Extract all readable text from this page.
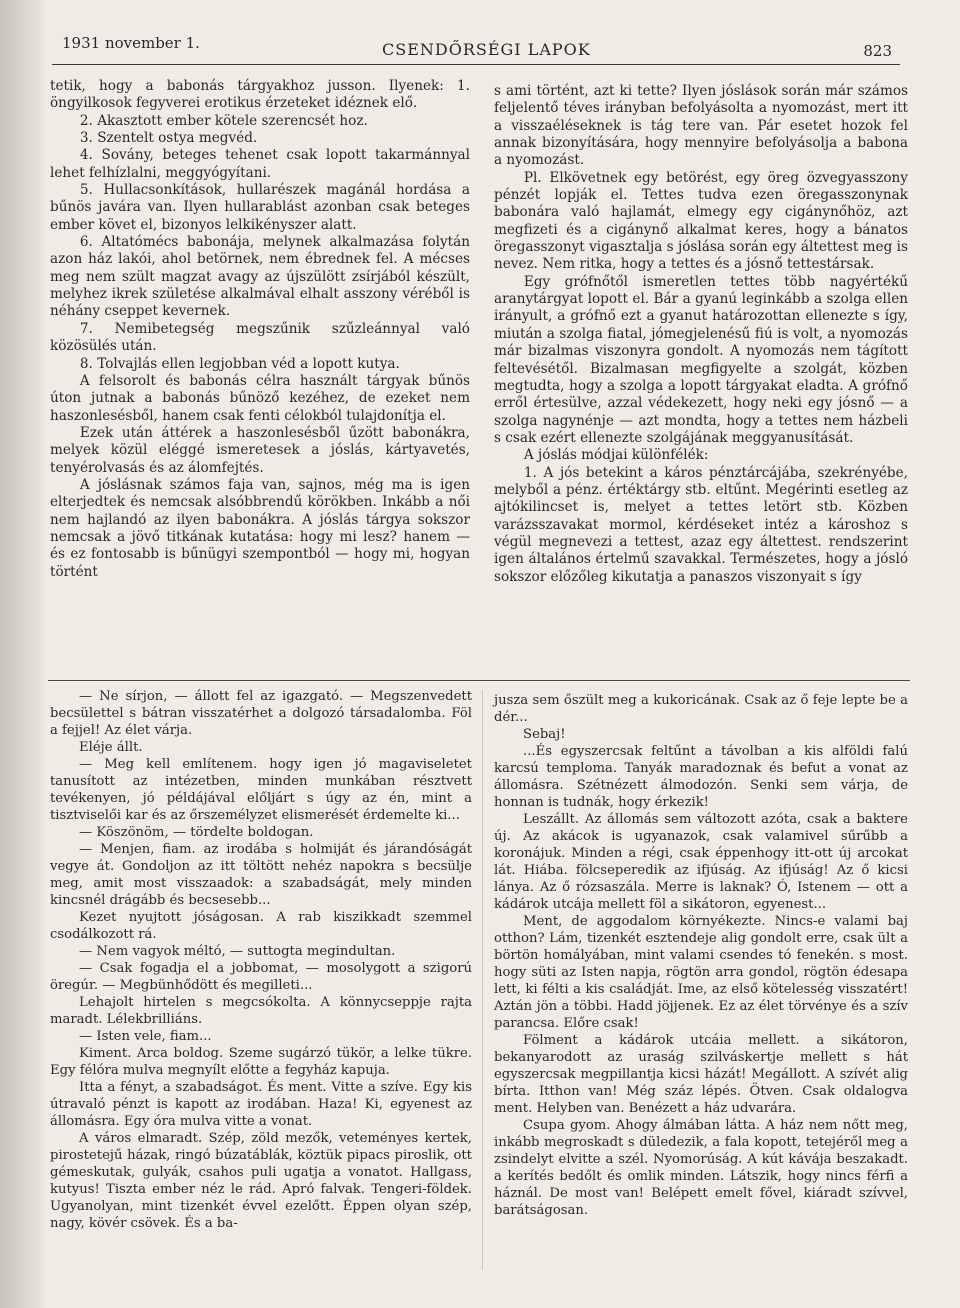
1931 november 1.	CSENDŐRSÉGI LAPOK	823

tetik, hogy a babonás tárgyakhoz jusson. Ilyenek: 1. öngyilkosok fegyverei erotikus érzeteket idéznek elő.

2. Akasztott ember kötele szerencsét hoz.

3. Szentelt ostya megvéd.

4. Sovány, beteges tehenet csak lopott takarmánnyal lehet felhízlalni, meggyógyítani.

5. Hullacsonkítások, hullarészek magánál hordása a bűnös javára van. Ilyen hullarablást azonban csak beteges ember követ el, bizonyos lelkikényszer alatt.

6. Altatómécs babonája, melynek alkalmazása folytán azon ház lakói, ahol betörnek, nem ébrednek fel. A mécses meg nem szült magzat avagy az újszülött zsírjából készült, melyhez ikrek születése alkalmával elhalt asszony véréből is néhány cseppet kevernek.

7. Nemibetegség megszűnik szűzleánnyal való közösülés után.

8. Tolvajlás ellen legjobban véd a lopott kutya.

A felsorolt és babonás célra használt tárgyak bűnös úton jutnak a babonás bűnöző kezéhez, de ezeket nem haszonlesésből, hanem csak fenti célokból tulajdonítja el.

Ezek után áttérek a haszonlesésből űzött babonákra, melyek közül eléggé ismeretesek a jóslás, kártyavetés, tenyérolvasás és az álomfejtés.

A jóslásnak számos faja van, sajnos, még ma is igen elterjedtek és nemcsak alsóbbrendű körökben. Inkább a női nem hajlandó az ilyen babonákra. A jóslás tárgya sokszor nemcsak a jövő titkának kutatása: hogy mi lesz? hanem — és ez fontosabb is bűnügyi szempontból — hogy mi, hogyan történt

s ami történt, azt ki tette? Ilyen jóslások során már számos feljelentő téves irányban befolyásolta a nyomozást, mert itt a visszaéléseknek is tág tere van. Pár esetet hozok fel annak bizonyítására, hogy mennyire befolyásolja a babona a nyomozást.

Pl. Elkövetnek egy betörést, egy öreg özvegyasszony pénzét lopják el. Tettes tudva ezen öregasszonynak babonára való hajlamát, elmegy egy cigánynőhöz, azt megfizeti és a cigánynő alkalmat keres, hogy a bánatos öregasszonyt vigasztalja s jóslása során egy áltettest meg is nevez. Nem ritka, hogy a tettes és a jósnő tettestársak.

Egy grófnőtől ismeretlen tettes több nagyértékű aranytárgyat lopott el. Bár a gyanú leginkább a szolga ellen irányult, a grófnő ezt a gyanut határozottan ellenezte s így, miután a szolga fiatal, jómegjelenésű fiú is volt, a nyomozás már bizalmas viszonyra gondolt. A nyomozás nem tágított feltevésétől. Bizalmasan megfigyelte a szolgát, közben megtudta, hogy a szolga a lopott tárgyakat eladta. A grófnő erről értesülve, azzal védekezett, hogy neki egy jósnő — a szolga nagynénje — azt mondta, hogy a tettes nem házbeli s csak ezért ellenezte szolgájának meggyanusítását.

A jóslás módjai különfélék:

1. A jós betekint a káros pénztárcájába, szekrényébe, melyből a pénz. értéktárgy stb. eltűnt. Megérinti esetleg az ajtókilincset is, melyet a tettes letört stb. Közben varázsszavakat mormol, kérdéseket intéz a károshoz s végül megnevezi a tettest, azaz egy áltettest. rendszerint igen általános értelmű szavakkal. Természetes, hogy a jósló sokszor előzőleg kikutatja a panaszos viszonyait s így

— Ne sírjon, — állott fel az igazgató. — Megszenvedett becsülettel s bátran visszatérhet a dolgozó társadalomba. Föl a fejjel! Az élet várja.

Eléje állt.

— Meg kell említenem. hogy igen jó magaviseletet tanusított az intézetben, minden munkában résztvett tevékenyen, jó példájával előljárt s úgy az én, mint a tisztviselői kar és az őrszemélyzet elismerését érdemelte ki...

— Köszönöm, — tördelte boldogan.

— Menjen, fiam. az irodába s holmiját és járandóságát vegye át. Gondoljon az itt töltött nehéz napokra s becsülje meg, amit most visszaadok: a szabadságát, mely minden kincsnél drágább és becsesebb...

Kezet nyujtott jóságosan. A rab kiszikkadt szemmel csodálkozott rá.

— Nem vagyok méltó, — suttogta megindultan.

— Csak fogadja el a jobbomat, — mosolygott a szigorú öregúr. — Megbünhődött és megilleti...

Lehajolt hirtelen s megcsókolta. A könnycseppje rajta maradt. Lélekbrilliáns.

— Isten vele, fiam...

Kiment. Arca boldog. Szeme sugárzó tükör, a lelke tükre. Egy félóra mulva megnyílt előtte a fegyház kapuja.

Itta a fényt, a szabadságot. És ment. Vitte a szíve. Egy kis útravaló pénzt is kapott az irodában. Haza! Ki, egyenest az állomásra. Egy óra mulva vitte a vonat.

A város elmaradt. Szép, zöld mezők, veteményes kertek, pirostetejű házak, ringó búzatáblák, köztük pipacs piroslik, ott gémeskutak, gulyák, csahos puli ugatja a vonatot. Hallgass, kutyus! Tiszta ember néz le rád. Apró falvak. Tengeri-földek. Ugyanolyan, mint tizenkét évvel ezelőtt. Éppen olyan szép, nagy, kövér csövek. És a ba-

jusza sem őszült meg a kukoricának. Csak az ő feje lepte be a dér...

Sebaj!

...És egyszercsak feltűnt a távolban a kis alföldi falú karcsú temploma. Tanyák maradoznak és befut a vonat az állomásra. Szétnézett álmodozón. Senki sem várja, de honnan is tudnák, hogy érkezik!

Leszállt. Az állomás sem változott azóta, csak a baktere új. Az akácok is ugyanazok, csak valamivel sűrűbb a koronájuk. Minden a régi, csak éppenhogy itt-ott új arcokat lát. Hiába. fölcseperedik az ifjúság. Az ifjúság! Az ő kicsi lánya. Az ő rózsaszála. Merre is laknak? Ó, Istenem — ott a kádárok utcája mellett föl a sikátoron, egyenest...

Ment, de aggodalom környékezte. Nincs-e valami baj otthon? Lám, tizenkét esztendeje alig gondolt erre, csak ült a börtön homályában, mint valami csendes tó fenekén. s most. hogy süti az Isten napja, rögtön arra gondol, rögtön édesapa lett, ki félti a kis családját. Ime, az első kötelesség visszatért! Aztán jön a többi. Hadd jöjjenek. Ez az élet törvénye és a szív parancsa. Előre csak!

Fölment a kádárok utcáia mellett. a sikátoron, bekanyarodott az uraság szilváskertje mellett s hát egyszercsak megpillantja kicsi házát! Megállott. A szívét alig bírta. Itthon van! Még száz lépés. Ötven. Csak oldalogva ment. Helyben van. Benézett a ház udvarára.

Csupa gyom. Ahogy álmában látta. A ház nem nőtt meg, inkább megroskadt s düledezik, a fala kopott, tetejéről meg a zsindelyt elvitte a szél. Nyomorúság. A kút kávája beszakadt. a kerítés bedőlt és omlik minden. Látszik, hogy nincs férfi a háznál. De most van! Belépett emelt fővel, kiáradt szívvel, barátságosan.
